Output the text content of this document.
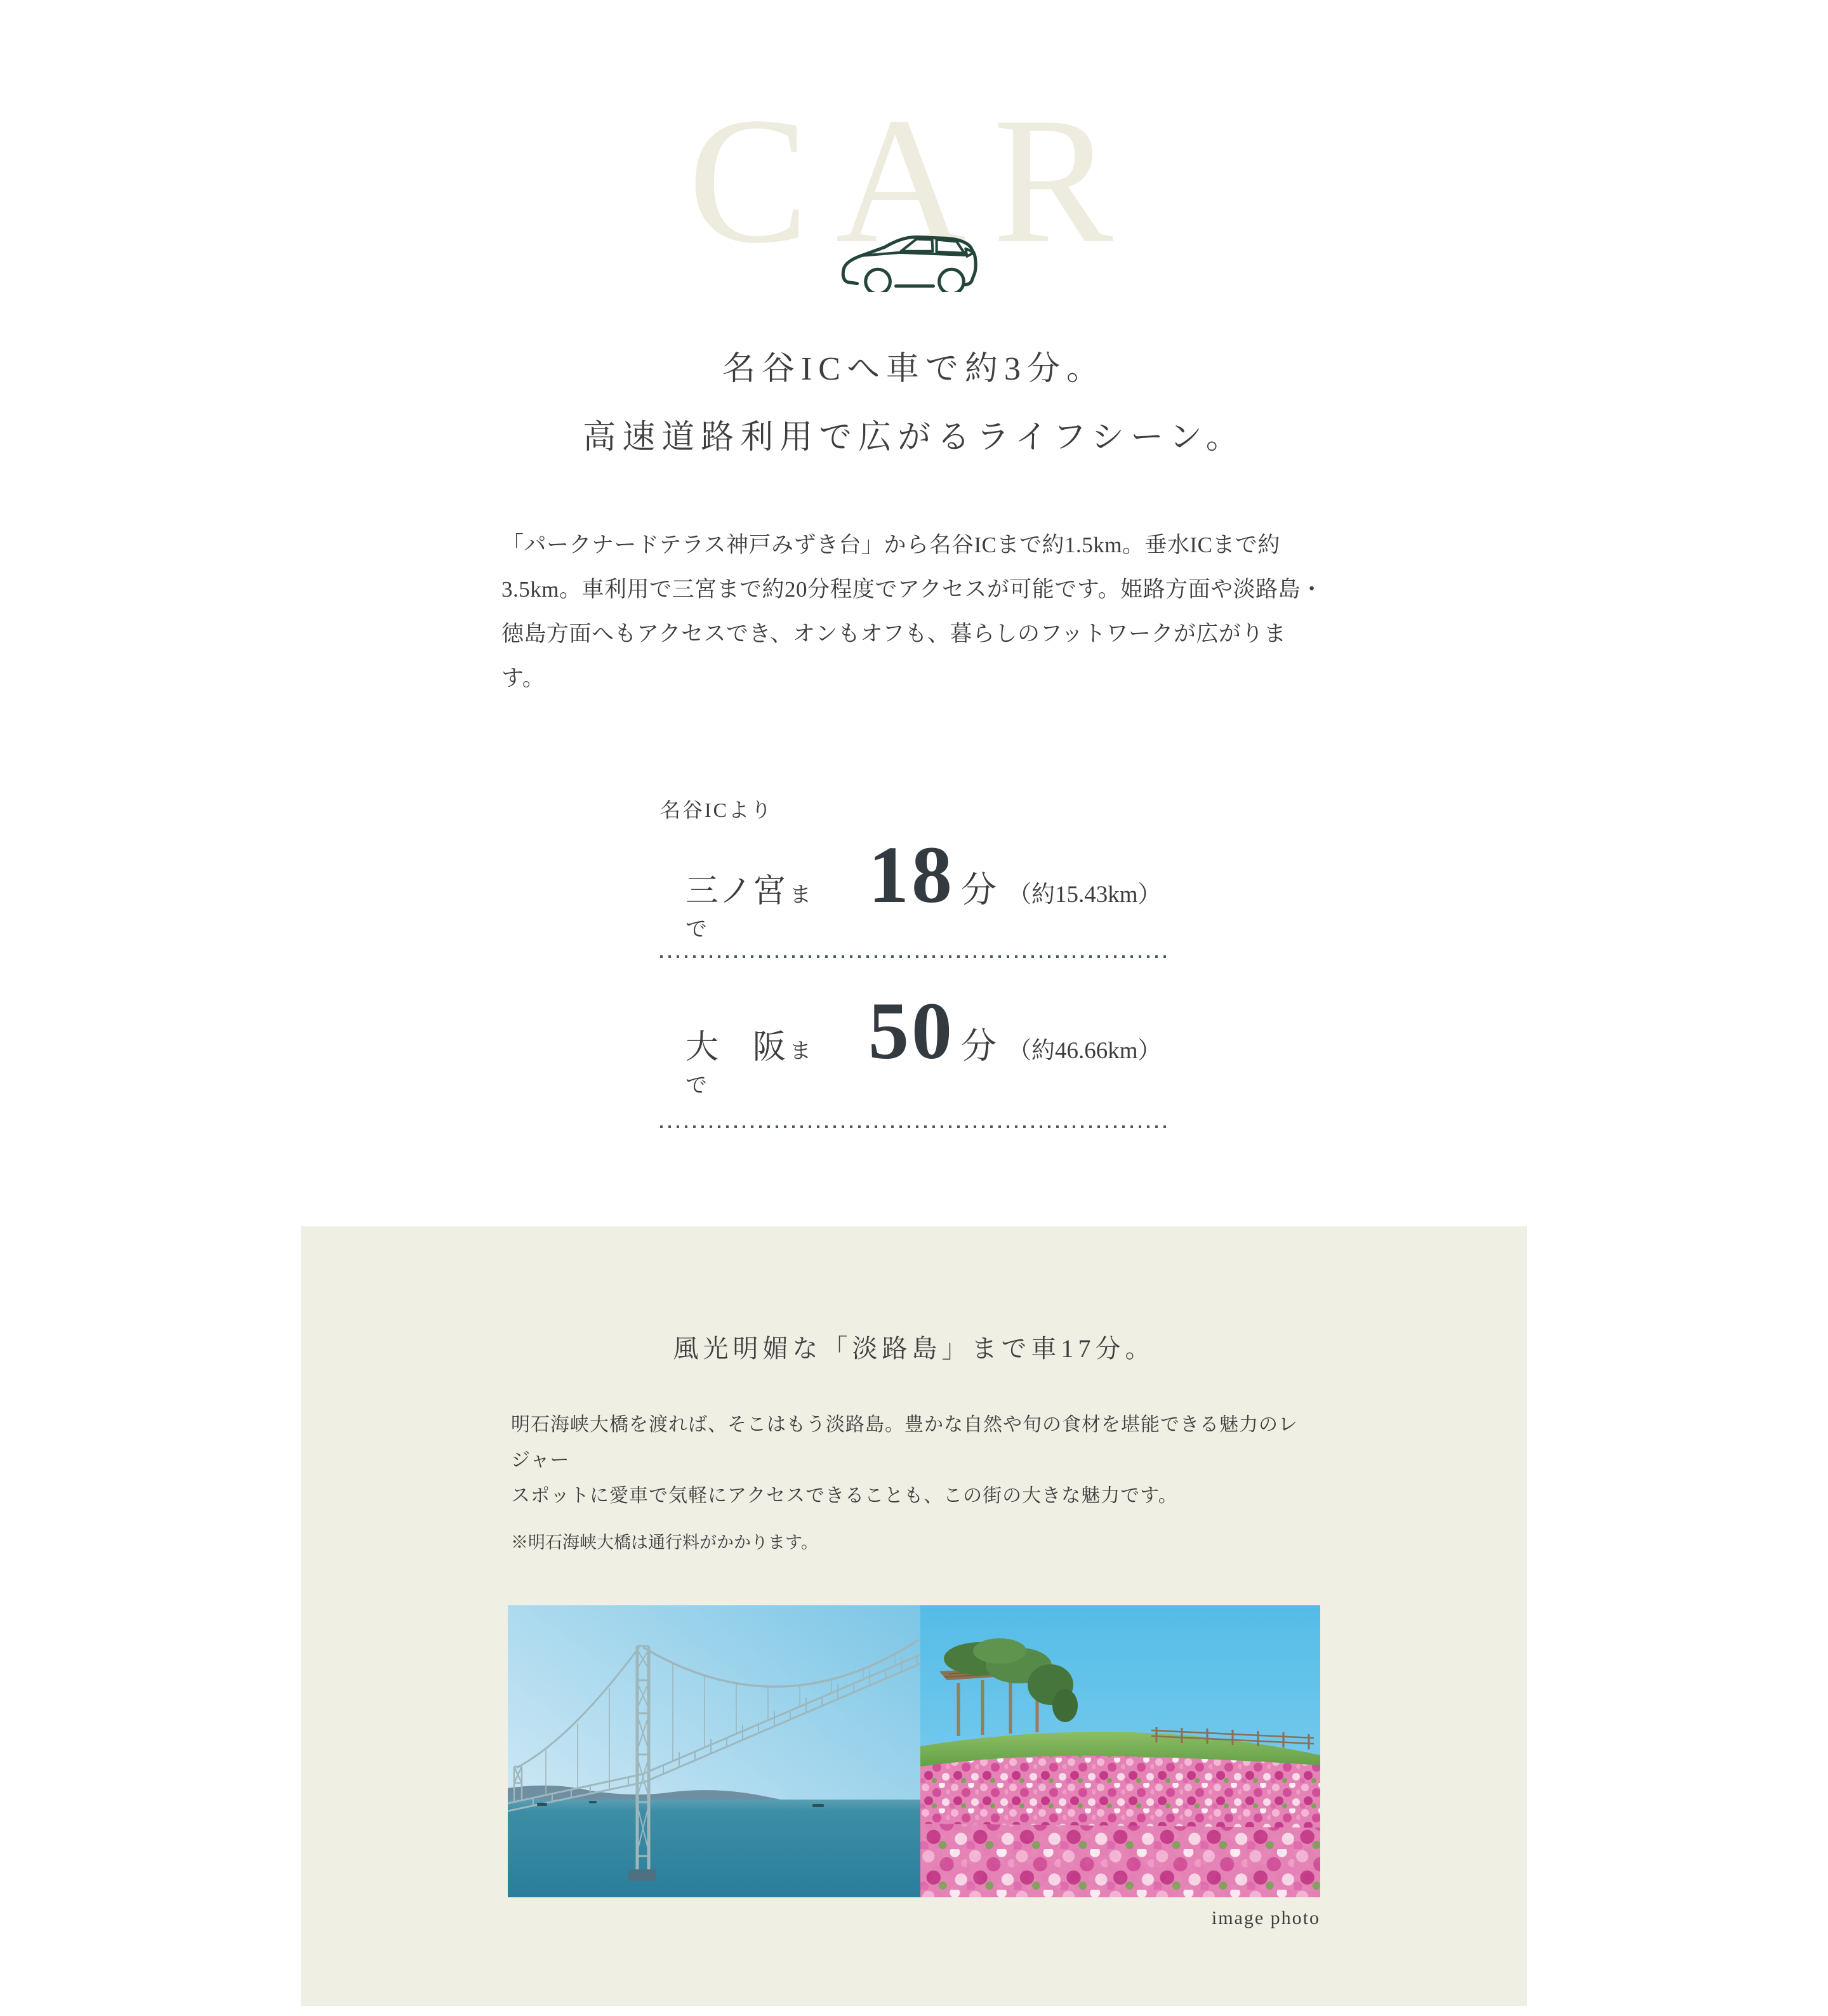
CAR
名谷ICへ車で約3分。
高速道路利用で広がるライフシーン。

「パークナードテラス神戸みずき台」から名谷ICまで約1.5km。垂水ICまで約
3.5km。車利用で三宮まで約20分程度でアクセスが可能です。姫路方面や淡路島・
徳島方面へもアクセスでき、オンもオフも、暮らしのフットワークが広がります。

名谷ICより
三ノ宮 まで
18 分 （約15.43km）
大阪 まで
50 分 （約46.66km）
風光明媚な「淡路島」まで車17分。

明石海峡大橋を渡れば、そこはもう淡路島。豊かな自然や旬の食材を堪能できる魅力のレジャー
スポットに愛車で気軽にアクセスできることも、この街の大きな魅力です。

※明石海峡大橋は通行料がかかります。

image photo
